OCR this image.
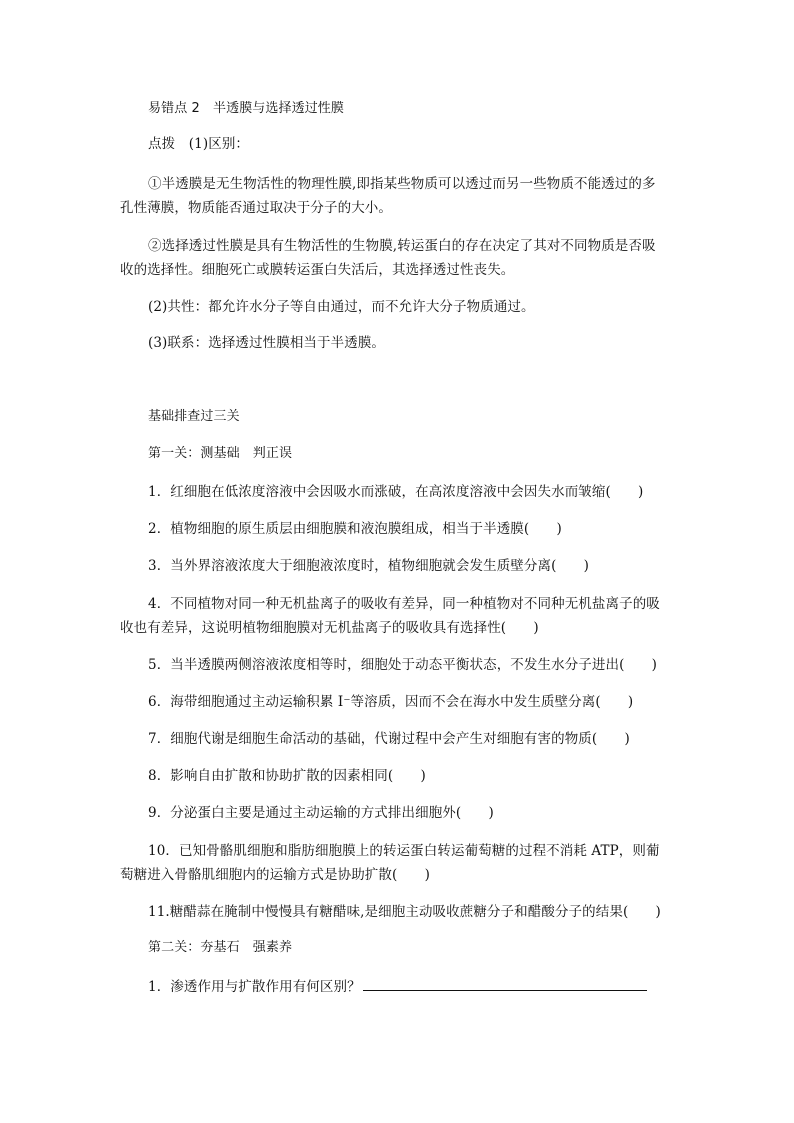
易错点 2　半透膜与选择透过性膜
点拨　(1)区别：
①半透膜是无生物活性的物理性膜,即指某些物质可以透过而另一些物质不能透过的多
孔性薄膜，物质能否通过取决于分子的大小。
②选择透过性膜是具有生物活性的生物膜,转运蛋白的存在决定了其对不同物质是否吸
收的选择性。细胞死亡或膜转运蛋白失活后，其选择透过性丧失。
(2)共性：都允许水分子等自由通过，而不允许大分子物质通过。
(3)联系：选择透过性膜相当于半透膜。
基础排查过三关
第一关：测基础　判正误
1．红细胞在低浓度溶液中会因吸水而涨破，在高浓度溶液中会因失水而皱缩(　　)
2．植物细胞的原生质层由细胞膜和液泡膜组成，相当于半透膜(　　)
3．当外界溶液浓度大于细胞液浓度时，植物细胞就会发生质壁分离(　　)
4．不同植物对同一种无机盐离子的吸收有差异，同一种植物对不同种无机盐离子的吸
收也有差异，这说明植物细胞膜对无机盐离子的吸收具有选择性(　　)
5．当半透膜两侧溶液浓度相等时，细胞处于动态平衡状态，不发生水分子进出(　　)
6．海带细胞通过主动运输积累 I⁻等溶质，因而不会在海水中发生质壁分离(　　)
7．细胞代谢是细胞生命活动的基础，代谢过程中会产生对细胞有害的物质(　　)
8．影响自由扩散和协助扩散的因素相同(　　)
9．分泌蛋白主要是通过主动运输的方式排出细胞外(　　)
10．已知骨骼肌细胞和脂肪细胞膜上的转运蛋白转运葡萄糖的过程不消耗 ATP，则葡
萄糖进入骨骼肌细胞内的运输方式是协助扩散(　　)
11.糖醋蒜在腌制中慢慢具有糖醋味,是细胞主动吸收蔗糖分子和醋酸分子的结果(　　)
第二关：夯基石　强素养
1．渗透作用与扩散作用有何区别？
